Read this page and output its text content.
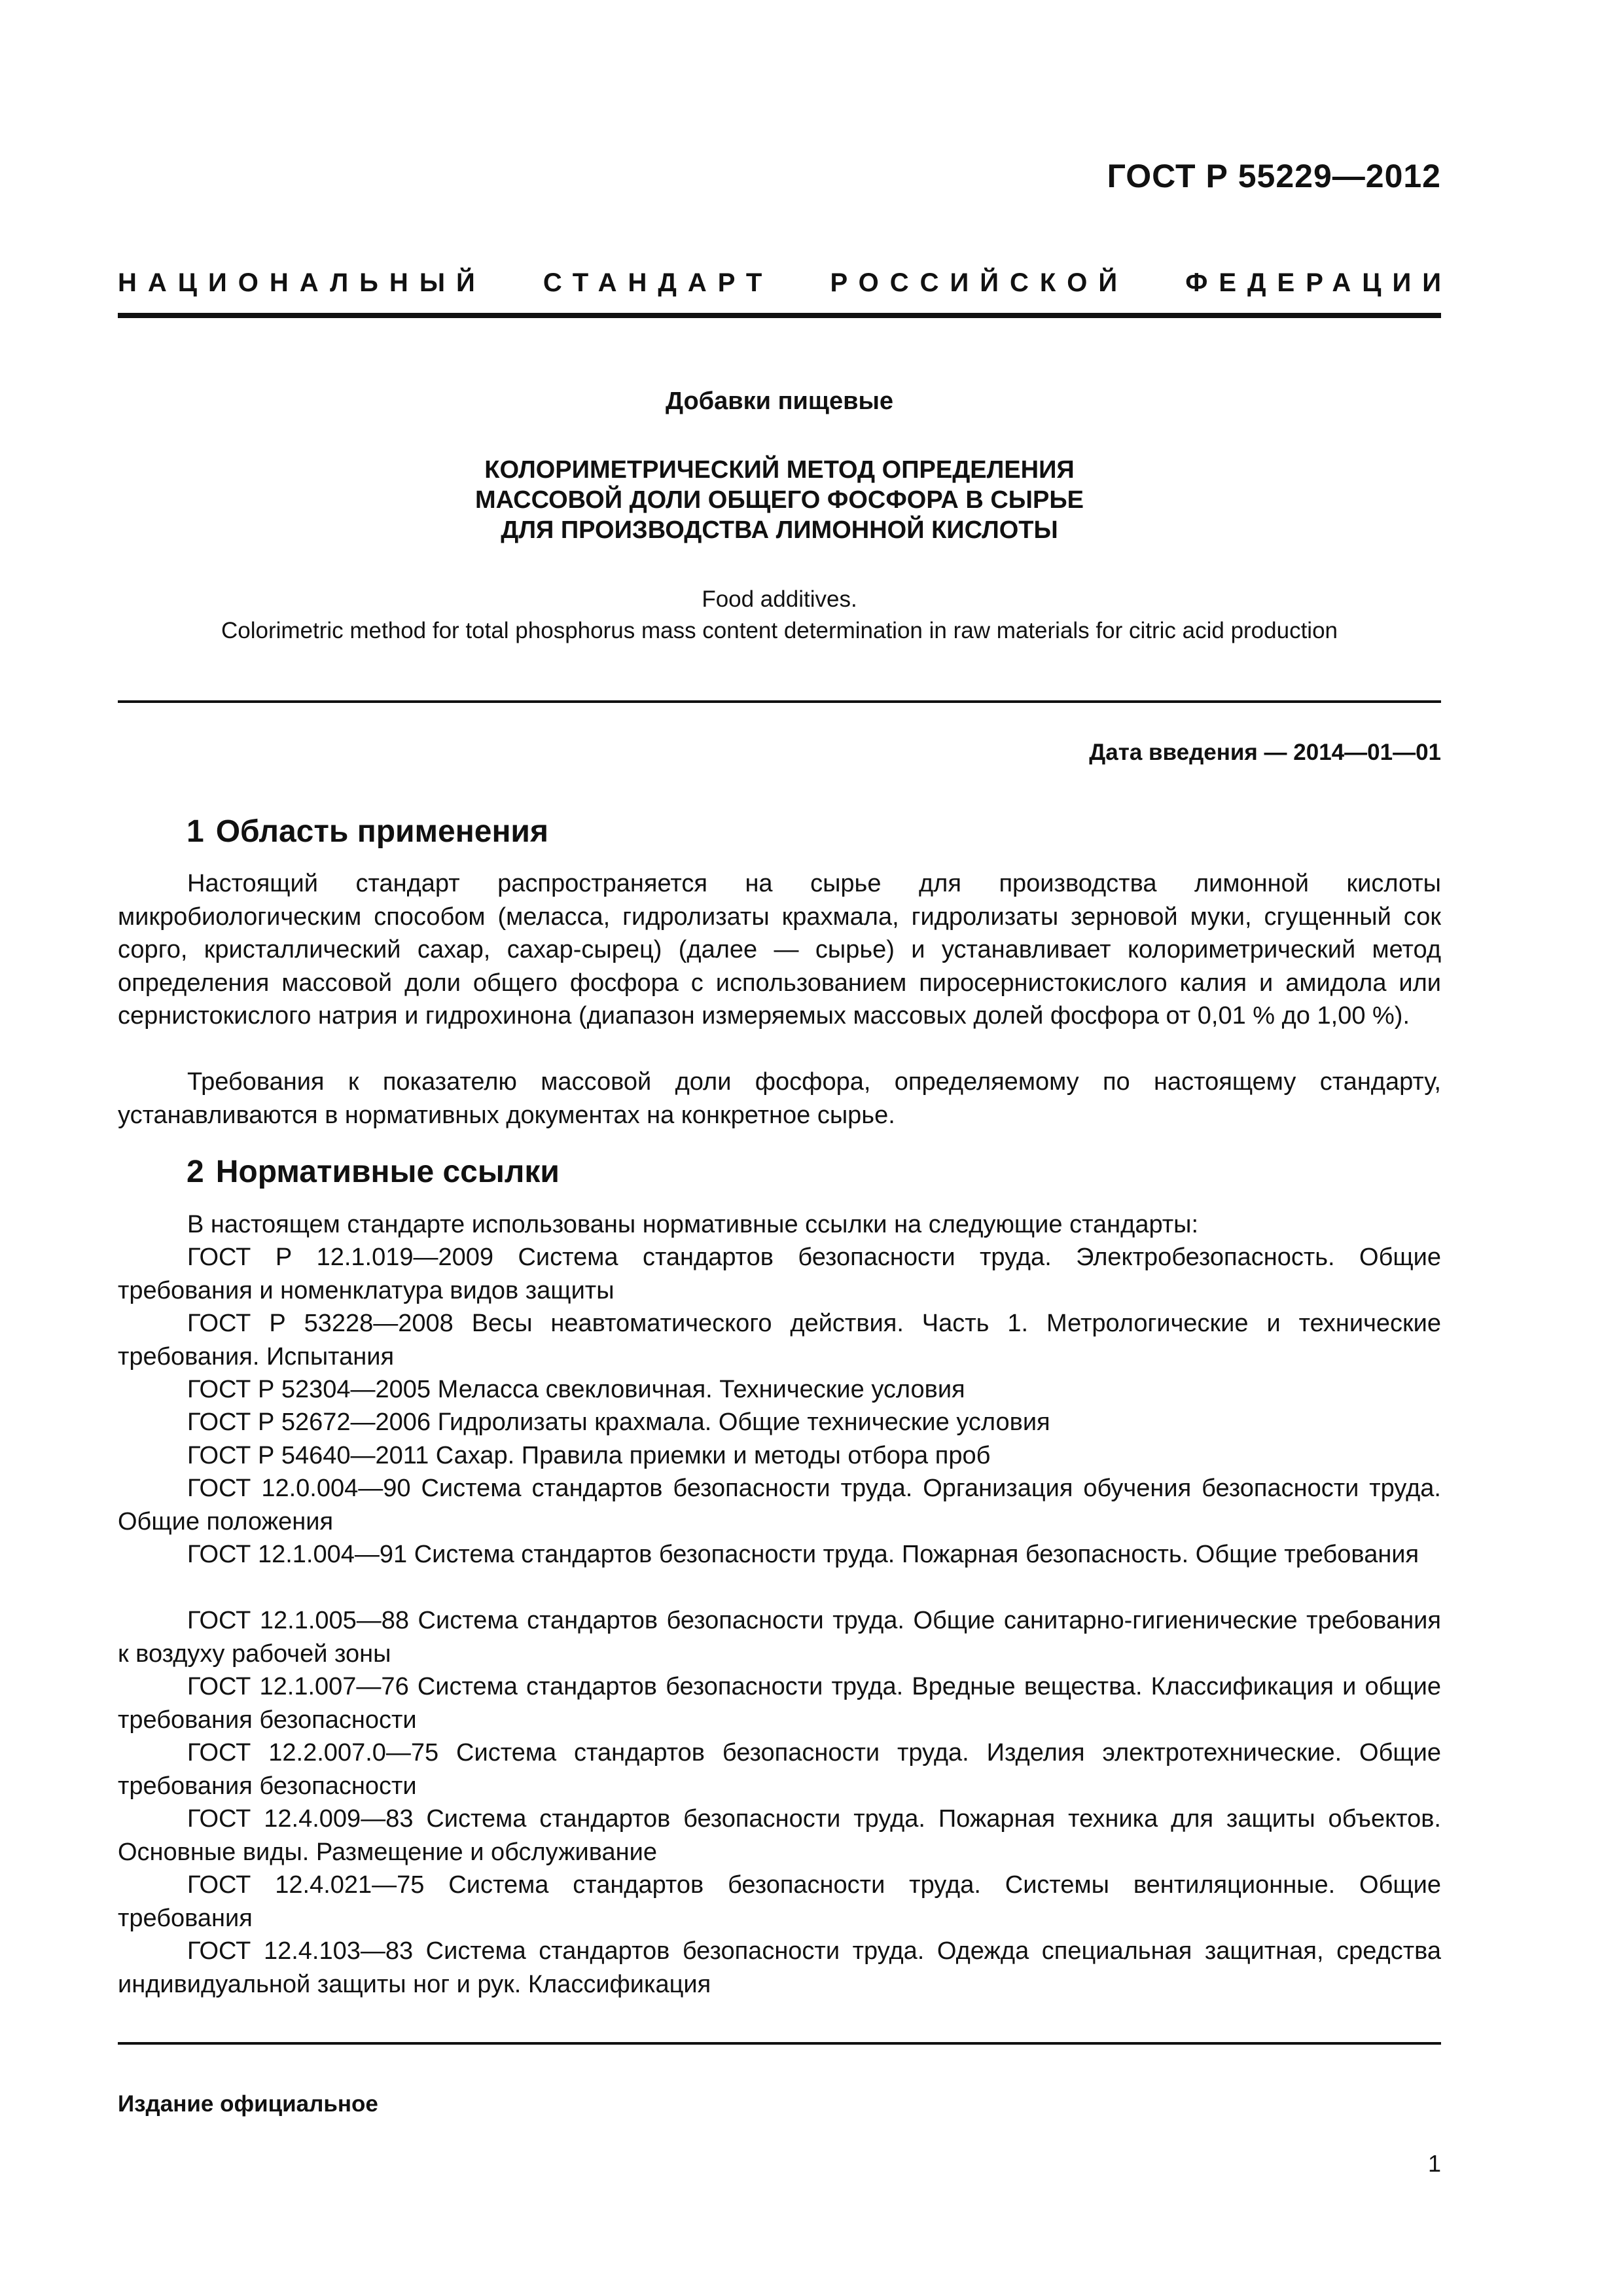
ГОСТ Р 55229—2012
НАЦИОНАЛЬНЫЙ СТАНДАРТ РОССИЙСКОЙ ФЕДЕРАЦИИ
Добавки пищевые
КОЛОРИМЕТРИЧЕСКИЙ МЕТОД ОПРЕДЕЛЕНИЯ
МАССОВОЙ ДОЛИ ОБЩЕГО ФОСФОРА В СЫРЬЕ
ДЛЯ ПРОИЗВОДСТВА ЛИМОННОЙ КИСЛОТЫ
Food additives.
Colorimetric method for total phosphorus mass content determination in raw materials for citric acid production
Дата введения — 2014—01—01
1 Область применения

Настоящий стандарт распространяется на сырье для производства лимонной кислоты микробиологическим способом (меласса, гидролизаты крахмала, гидролизаты зерновой муки, сгущенный сок сорго, кристаллический сахар, сахар-сырец) (далее — сырье) и устанавливает колориметрический метод определения массовой доли общего фосфора с использованием пиросернистокислого калия и амидола или сернистокислого натрия и гидрохинона (диапазон измеряемых массовых долей фосфора от 0,01 % до 1,00 %).

Требования к показателю массовой доли фосфора, определяемому по настоящему стандарту, устанавливаются в нормативных документах на конкретное сырье.

2 Нормативные ссылки

В настоящем стандарте использованы нормативные ссылки на следующие стандарты:

ГОСТ Р 12.1.019—2009 Система стандартов безопасности труда. Электробезопасность. Общие требования и номенклатура видов защиты

ГОСТ Р 53228—2008 Весы неавтоматического действия. Часть 1. Метрологические и технические требования. Испытания

ГОСТ Р 52304—2005 Меласса свекловичная. Технические условия

ГОСТ Р 52672—2006 Гидролизаты крахмала. Общие технические условия

ГОСТ Р 54640—2011 Сахар. Правила приемки и методы отбора проб

ГОСТ 12.0.004—90 Система стандартов безопасности труда. Организация обучения безопасности труда. Общие положения

ГОСТ 12.1.004—91 Система стандартов безопасности труда. Пожарная безопасность. Общие требования

ГОСТ 12.1.005—88 Система стандартов безопасности труда. Общие санитарно-гигиенические требования к воздуху рабочей зоны

ГОСТ 12.1.007—76 Система стандартов безопасности труда. Вредные вещества. Классификация и общие требования безопасности

ГОСТ 12.2.007.0—75 Система стандартов безопасности труда. Изделия электротехнические. Общие требования безопасности

ГОСТ 12.4.009—83 Система стандартов безопасности труда. Пожарная техника для защиты объектов. Основные виды. Размещение и обслуживание

ГОСТ 12.4.021—75 Система стандартов безопасности труда. Системы вентиляционные. Общие требования

ГОСТ 12.4.103—83 Система стандартов безопасности труда. Одежда специальная защитная, средства индивидуальной защиты ног и рук. Классификация

Издание официальное
1
